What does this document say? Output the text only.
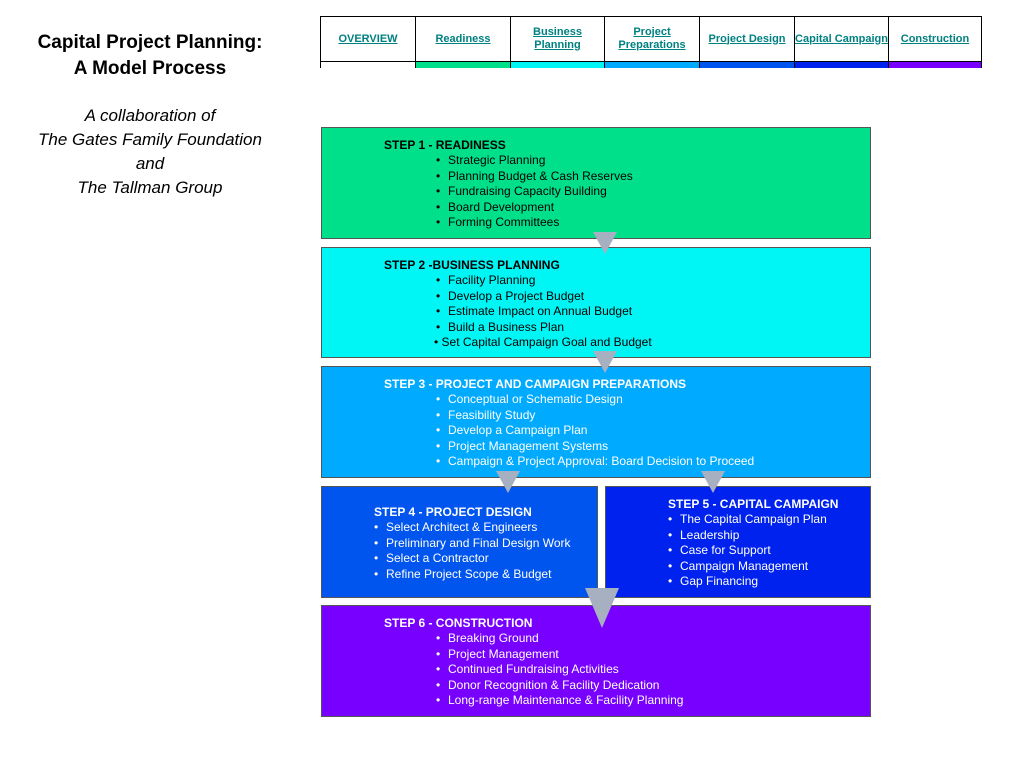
Capital Project Planning:
A Model Process
A collaboration of
The Gates Family Foundation
and
The Tallman Group
OVERVIEW	Readiness
Business Planning
Project Preparations
Project Design Capital Campaign	Construction
STEP 1 - READINESS
• Strategic Planning
• Planning Budget & Cash Reserves
• Fundraising Capacity Building
• Board Development
• Forming Committees
STEP 2 -BUSINESS PLANNING
• Facility Planning
• Develop a Project Budget
• Estimate Impact on Annual Budget
• Build a Business Plan
• Set Capital Campaign Goal and Budget
STEP 3 - PROJECT AND CAMPAIGN PREPARATIONS
• Conceptual or Schematic Design
• Feasibility Study
• Develop a Campaign Plan
• Project Management Systems
• Campaign & Project Approval: Board Decision to Proceed
STEP 4 - PROJECT DESIGN
• Select Architect & Engineers
• Preliminary and Final Design Work
• Select a Contractor
• Refine Project Scope & Budget
STEP 5 - CAPITAL CAMPAIGN
• The Capital Campaign Plan
• Leadership
• Case for Support
• Campaign Management
• Gap Financing
STEP 6 - CONSTRUCTION
• Breaking Ground
• Project Management
• Continued Fundraising Activities
• Donor Recognition & Facility Dedication
• Long-range Maintenance & Facility Planning
